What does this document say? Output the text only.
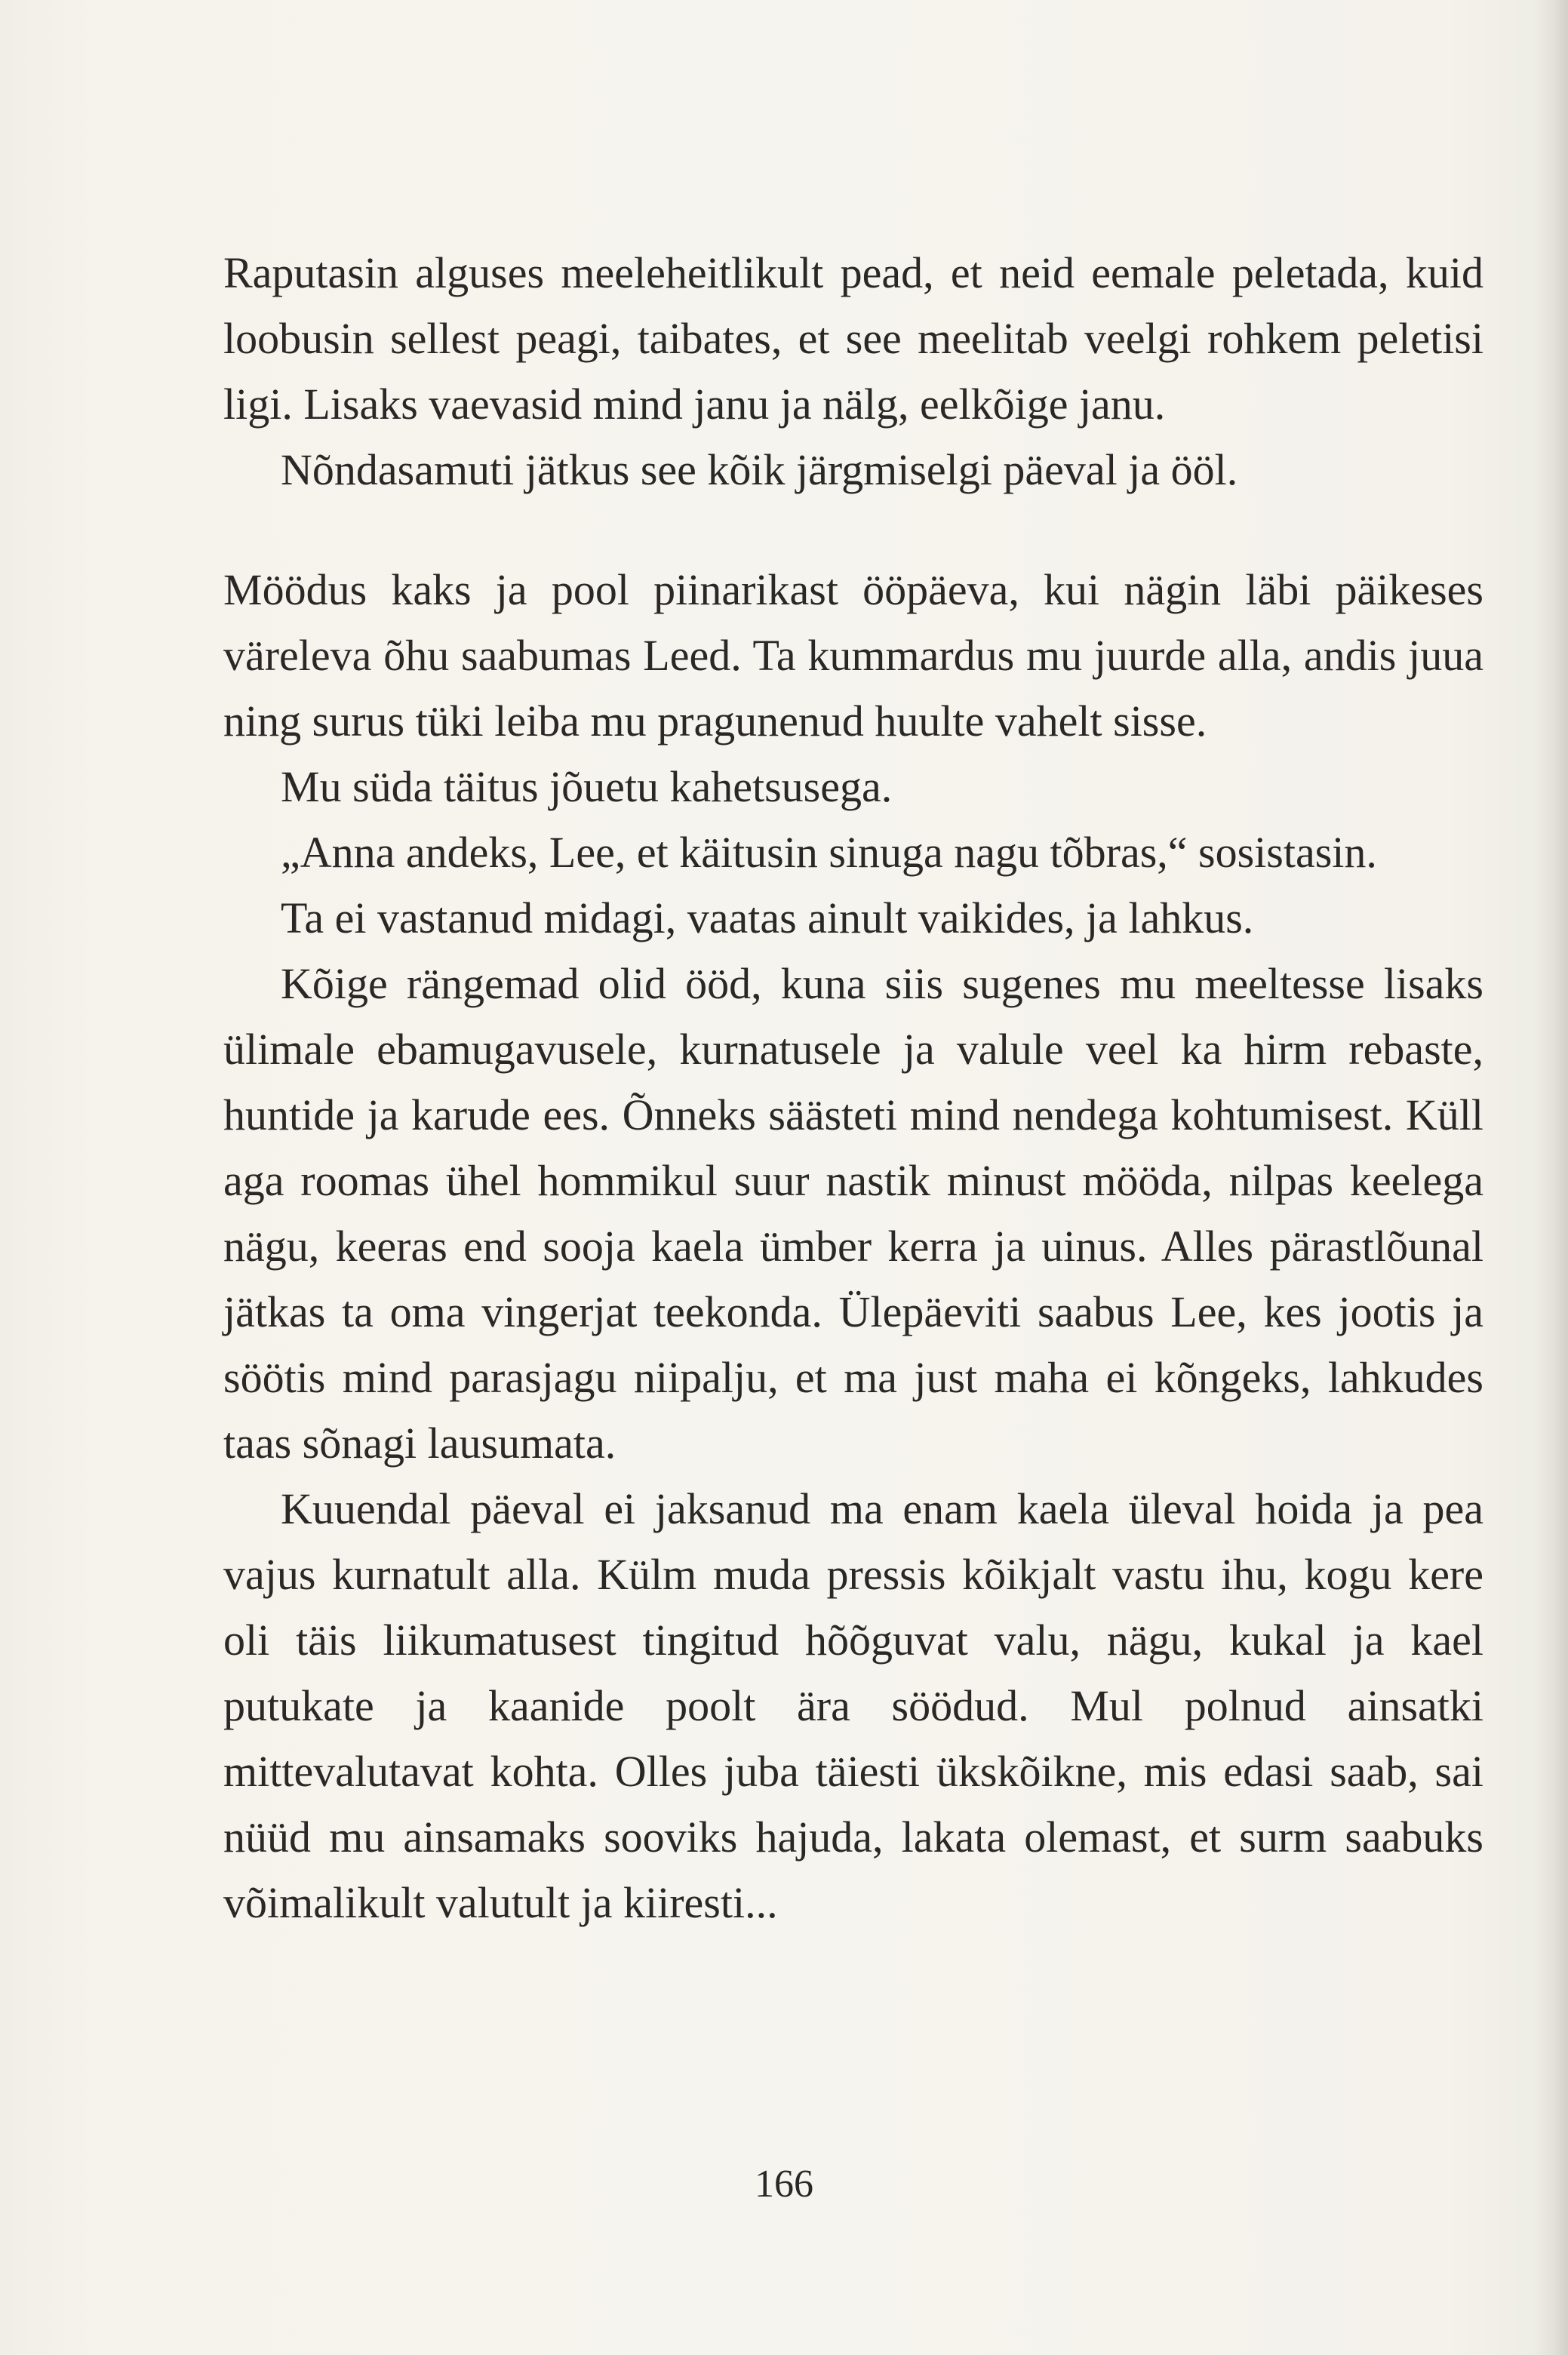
Raputasin alguses meeleheitlikult pead, et neid eemale peletada, kuid loobusin sellest peagi, taibates, et see meelitab veelgi rohkem peletisi ligi. Lisaks vaevasid mind janu ja nälg, eelkõige janu.

Nõndasamuti jätkus see kõik järgmiselgi päeval ja ööl.

Möödus kaks ja pool piinarikast ööpäeva, kui nägin läbi päikeses väreleva õhu saabumas Leed. Ta kummardus mu juurde alla, andis juua ning surus tüki leiba mu pragunenud huulte vahelt sisse.

Mu süda täitus jõuetu kahetsusega.

„Anna andeks, Lee, et käitusin sinuga nagu tõbras,“ sosistasin.

Ta ei vastanud midagi, vaatas ainult vaikides, ja lahkus.

Kõige rängemad olid ööd, kuna siis sugenes mu meeltesse lisaks ülimale ebamugavusele, kurnatusele ja valule veel ka hirm rebaste, huntide ja karude ees. Õnneks säästeti mind nendega kohtumisest. Küll aga roomas ühel hommikul suur nastik minust mööda, nilpas keelega nägu, keeras end sooja kaela ümber kerra ja uinus. Alles pärastlõunal jätkas ta oma vingerjat teekonda. Ülepäeviti saabus Lee, kes jootis ja söötis mind parasjagu niipalju, et ma just maha ei kõngeks, lahkudes taas sõnagi lausumata.

Kuuendal päeval ei jaksanud ma enam kaela üleval hoida ja pea vajus kurnatult alla. Külm muda pressis kõikjalt vastu ihu, kogu kere oli täis liikumatusest tingitud hõõguvat valu, nägu, kukal ja kael putukate ja kaanide poolt ära söödud. Mul polnud ainsatki mittevalutavat kohta. Olles juba täiesti ükskõikne, mis edasi saab, sai nüüd mu ainsamaks sooviks hajuda, lakata olemast, et surm saabuks võimalikult valutult ja kiiresti...

166
